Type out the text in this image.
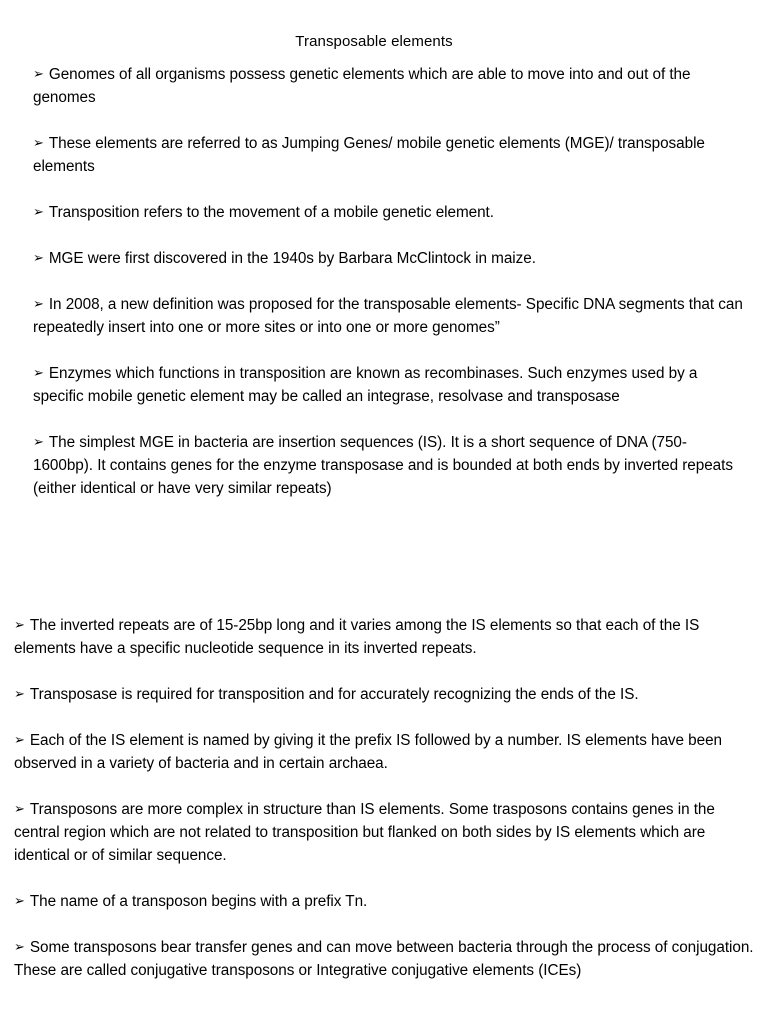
Transposable elements

➢ Genomes of all organisms possess genetic elements which are able to move into and out of the genomes

➢ These elements are referred to as Jumping Genes/ mobile genetic elements (MGE)/ transposable elements

➢ Transposition refers to the movement of a mobile genetic element.

➢ MGE were first discovered in the 1940s by Barbara McClintock in maize.

➢ In 2008, a new definition was proposed for the transposable elements- Specific DNA segments that can repeatedly insert into one or more sites or into one or more genomes”

➢ Enzymes which functions in transposition are known as recombinases. Such enzymes used by a specific mobile genetic element may be called an integrase, resolvase and transposase

➢ The simplest MGE in bacteria are insertion sequences (IS). It is a short sequence of DNA (750-1600bp). It contains genes for the enzyme transposase and is bounded at both ends by inverted repeats (either identical or have very similar repeats)

➢ The inverted repeats are of 15-25bp long and it varies among the IS elements so that each of the IS elements have a specific nucleotide sequence in its inverted repeats.

➢ Transposase is required for transposition and for accurately recognizing the ends of the IS.

➢ Each of the IS element is named by giving it the prefix IS followed by a number. IS elements have been observed in a variety of bacteria and in certain archaea.

➢ Transposons are more complex in structure than IS elements. Some trasposons contains genes in the central region which are not related to transposition but flanked on both sides by IS elements which are identical or of similar sequence.

➢ The name of a transposon begins with a prefix Tn.

➢ Some transposons bear transfer genes and can move between bacteria through the process of conjugation. These are called conjugative transposons or Integrative conjugative elements (ICEs)
